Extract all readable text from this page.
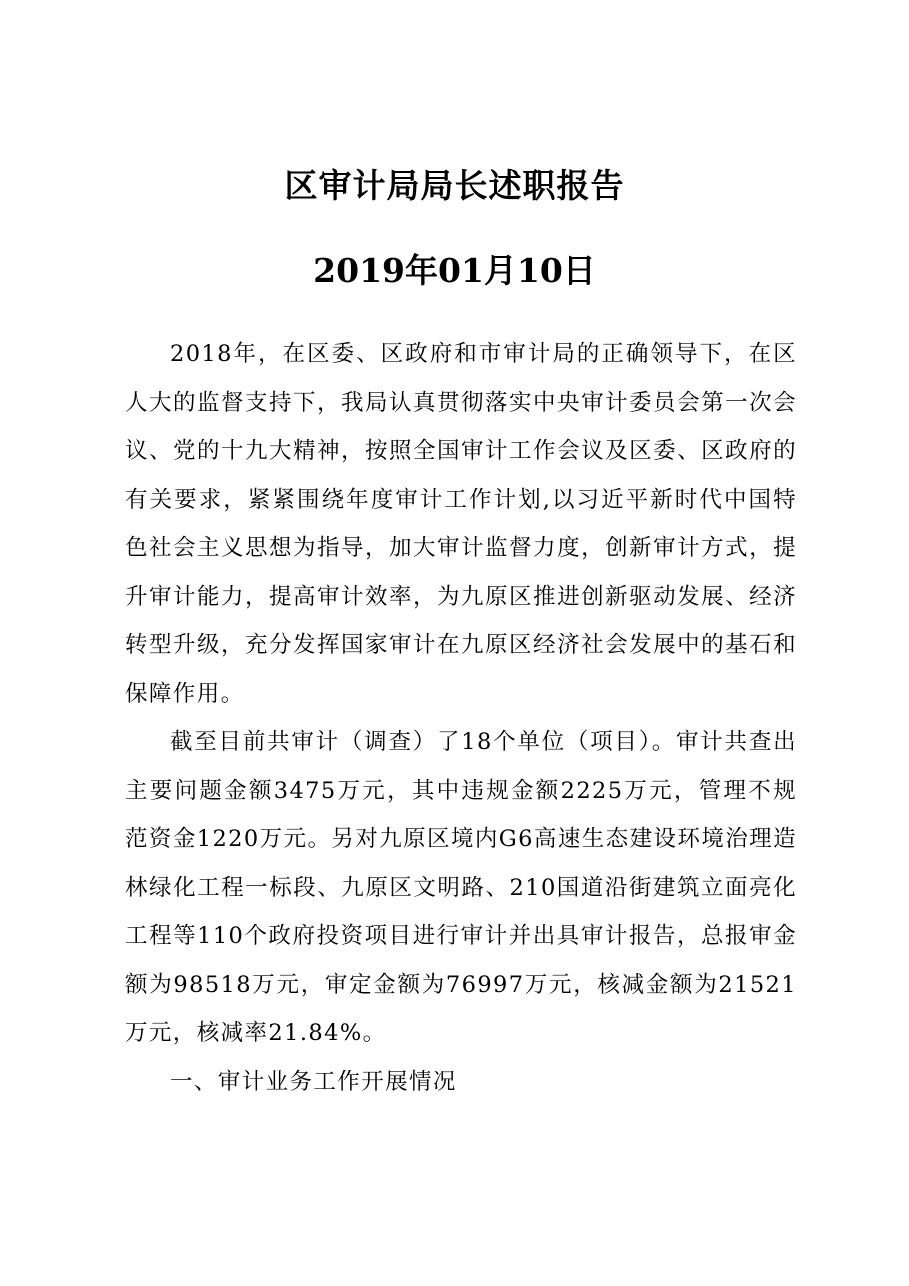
区审计局局长述职报告
2019年01月10日

2018年，在区委、区政府和市审计局的正确领导下，在区人大的监督支持下，我局认真贯彻落实中央审计委员会第一次会议、党的十九大精神，按照全国审计工作会议及区委、区政府的有关要求，紧紧围绕年度审计工作计划,以习近平新时代中国特色社会主义思想为指导，加大审计监督力度，创新审计方式，提升审计能力，提高审计效率，为九原区推进创新驱动发展、经济转型升级，充分发挥国家审计在九原区经济社会发展中的基石和保障作用。

截至目前共审计（调查）了18个单位（项目）。审计共查出主要问题金额3475万元，其中违规金额2225万元，管理不规范资金1220万元。另对九原区境内G6高速生态建设环境治理造林绿化工程一标段、九原区文明路、210国道沿街建筑立面亮化工程等110个政府投资项目进行审计并出具审计报告，总报审金额为98518万元，审定金额为76997万元，核减金额为21521万元，核减率21.84%。

一、审计业务工作开展情况
